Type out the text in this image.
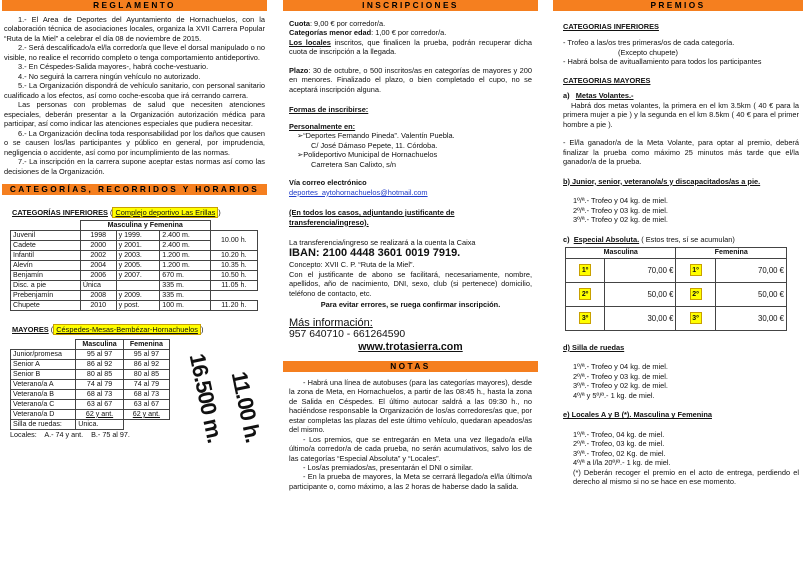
REGLAMENTO

1.- El Area de Deportes del Ayuntamiento de Hornachuelos, con la colaboración técnica de asociaciones locales, organiza la XVII Carrera Popular “Ruta de la Miel” a celebrar el día 08 de noviembre de 2015.

2.- Será descalificado/a el/la corredor/a que lleve el dorsal manipulado o no visible, no realice el recorrido completo o tenga comportamiento antideportivo.

3.- En Céspedes-Salida mayores-, habrá coche-vestuario.

4.- No seguirá la carrera ningún vehículo no autorizado.

5.- La Organización dispondrá de vehículo sanitario, con personal sanitario cualificado a los efectos, así como coche-escoba que irá cerrando carrera.

Las personas con problemas de salud que necesiten atenciones especiales, deberán presentar a la Organización autorización médica para participar, así como indicar las atenciones especiales que pudiera necesitar.

6.- La Organización declina toda responsabilidad por los daños que causen o se causen los/las participantes y público en general, por imprudencia, negligencia o accidente, así como por incumplimiento de las normas.

7.- La inscripción en la carrera supone aceptar estas normas así como las decisiones de la Organización.

CATEGORÍAS, RECORRIDOS Y HORARIOS
CATEGORÍAS INFERIORES ( Complejo deportivo Las Erillas )
	Masculina y Femenina			
Juvenil	1998	y 1999.	2.400 m.	10.00 h.
Cadete	2000	y 2001.	2.400 m.	
Infantil	2002	y 2003.	1.200 m.	10.20 h.
Alevín	2004	y 2005.	1.200 m.	10.35 h.
Benjamín	2006	y 2007.	670 m.	10.50 h.
Disc. a pie	Única		335 m.	11.05 h.
Prebenjamín	2008	y 2009.	335 m.	
Chupete	2010	y post.	100 m.	11.20 h.
MAYORES ( Céspedes-Mesas-Bembézar-Hornachuelos )
	Masculina	Femenina
Junior/promesa	95 al 97	95 al 97
Senior A	86 al 92	86 al 92
Senior B	80 al 85	80 al 85
Veterano/a A	74 al 79	74 al 79
Veterano/a B	68 al 73	68 al 73
Veterano/a C	63 al 67	63 al 67
Veterano/a D	62 y ant.	62 y ant.
Silla de ruedas:	Unica.	
Locales: A.- 74 y ant. B.- 75 al 97.	16.500 m.
11.00 h.
INSCRIPCIONES

Cuota: 9,00 € por corredor/a.

Categorías menor edad: 1,00 € por corredor/a.

Los locales inscritos, que finalicen la prueba, podrán recuperar dicha cuota de inscripción a la llegada.

Plazo: 30 de octubre, o 500 inscritos/as en categorías de mayores y 200 en menores. Finalizado el plazo, o bien completado el cupo, no se aceptará inscripción alguna.

Formas de inscribirse:

Personalmente en:

➢“Deportes Fernando Pineda”. Valentín Puebla.

C/ José Dámaso Pepete, 11. Córdoba.

➢Polideportivo Municipal de Hornachuelos

Carretera San Calixto, s/n

Vía correo electrónico

deportes_aytohornachuelos@hotmail.com

(En todos los casos, adjuntando justificante de transferencia/ingreso).

La transferencia/ingreso se realizará a la cuenta la Caixa

IBAN: 2100 4448 3601 0019 7919.

Concepto: XVII C. P. “Ruta de la Miel”.

Con el justificante de abono se facilitará, necesariamente, nombre, apellidos, año de nacimiento, DNI, sexo, club (si pertenece) domicilio, teléfono de contacto, etc.

Para evitar errores, se ruega confirmar inscripción.

Más información:

957 640710 - 661264590

www.trotasierra.com

NOTAS

- Habrá una línea de autobuses (para las categorías mayores), desde la zona de Meta, en Hornachuelos, a partir de las 08:45 h., hasta la zona de Salida en Céspedes. El último autocar saldrá a las 09:30 h., no haciéndose responsable la Organización de los/as corredores/as que, por estar completas las plazas del este último vehículo, quedaran apeados/as del mismo.

- Los premios, que se entregarán en Meta una vez llegado/a el/la último/a corredor/a de cada prueba, no serán acumulativos, salvo los de las categorías “Especial Absoluta” y “Locales”.

- Los/as premiados/as, presentarán el DNI o similar.

- En la prueba de mayores, la Meta se cerrará llegado/a el/la último/a participante o, como máximo, a las 2 horas de haberse dado la salida.

PREMIOS

CATEGORIAS INFERIORES

- Trofeo a las/os tres primeras/os de cada categoría.

(Excepto chupete)

- Habrá bolsa de avituallamiento para todos los participantes

CATEGORIAS MAYORES

a) Metas Volantes.-

Habrá dos metas volantes, la primera en el km 3.5km ( 40 € para la primera mujer a pie ) y la segunda en el km 8.5km ( 40 € para el primer hombre a pie ).

- El/la ganador/a de la Meta Volante, para optar al premio, deberá finalizar la prueba como máximo 25 minutos más tarde que el/la ganador/a de la prueba.

b) Junior, senior, veterano/a/s y discapacitados/as a pie.

1º/ª.- Trofeo y 04 kg. de miel.

2º/ª.- Trofeo y 03 kg. de miel.

3º/ª.- Trofeo y 02 kg. de miel.

c) Especial Absoluta. ( Estos tres, sí se acumulan)

Masculina		Femenina	
1º	70,00 €	1º	70,00 €
2º	50,00 €	2º	50,00 €
3º	30,00 €	3º	30,00 €

d) Silla de ruedas

1º/ª.- Trofeo y 04 kg. de miel.

2º/ª.- Trofeo y 03 kg. de miel.

3º/ª.- Trofeo y 02 kg. de miel.

4º/ª y 5º/ª.- 1 kg. de miel.

e) Locales A y B (*). Masculina y Femenina

1º/ª.- Trofeo, 04 kg. de miel.

2º/ª.- Trofeo, 03 kg. de miel.

3º/ª.- Trofeo, 02 Kg. de miel.

4º/ª a l/la 20º/ª.- 1 kg. de miel.

(*) Deberán recoger el premio en el acto de entrega, perdiendo el derecho al mismo si no se hace en ese momento.
